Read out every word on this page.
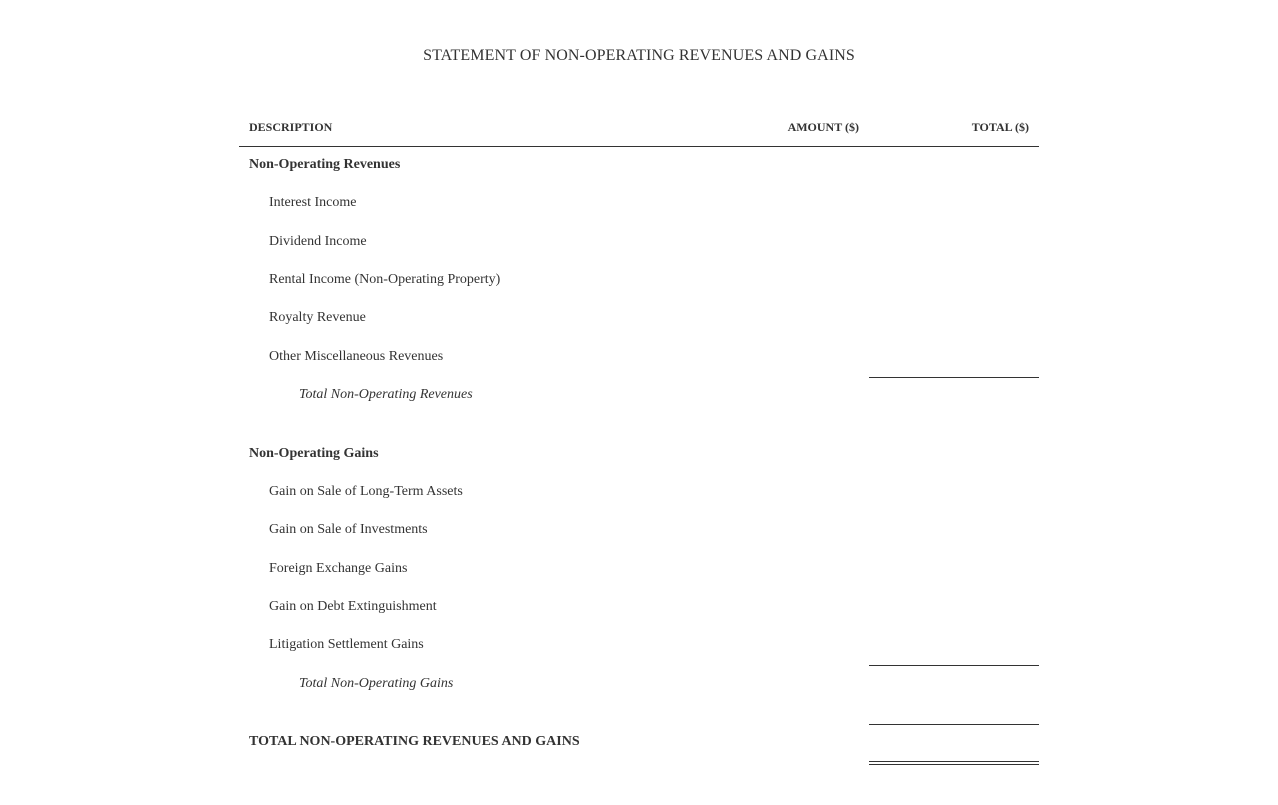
STATEMENT OF NON-OPERATING REVENUES AND GAINS
DESCRIPTION	AMOUNT ($)	TOTAL ($)
Non-Operating Revenues
Interest Income
Dividend Income
Rental Income (Non-Operating Property)
Royalty Revenue
Other Miscellaneous Revenues
Total Non-Operating Revenues
Non-Operating Gains
Gain on Sale of Long-Term Assets
Gain on Sale of Investments
Foreign Exchange Gains
Gain on Debt Extinguishment
Litigation Settlement Gains
Total Non-Operating Gains
TOTAL NON-OPERATING REVENUES AND GAINS
